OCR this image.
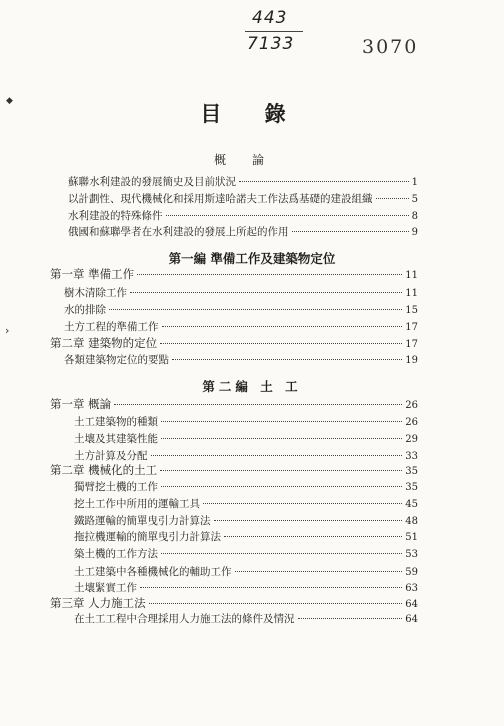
443
7133	3070
◆
›
目 錄
概論
蘇聯水利建設的發展簡史及目前狀況	1
以計劃性、現代機械化和採用斯達哈諾夫工作法爲基礎的建設組織	5
水利建設的特殊條件	8
俄國和蘇聯學者在水利建設的發展上所起的作用	9
第一編 準備工作及建築物定位
第一章 準備工作	11
樹木清除工作	11
水的排除	15
土方工程的準備工作	17
第二章 建築物的定位	17
各類建築物定位的要點	19
第二編 土 工
第一章 概論	26
土工建築物的種類	26
土壤及其建築性能	29
土方計算及分配	33
第二章 機械化的土工	35
獨臂挖土機的工作	35
挖土工作中所用的運輸工具	45
鐵路運輸的簡單曳引力計算法	48
拖拉機運輸的簡單曳引力計算法	51
築土機的工作方法	53
土工建築中各種機械化的輔助工作	59
土壤緊實工作	63
第三章 人力施工法	64
在土工工程中合理採用人力施工法的條件及情況	64
